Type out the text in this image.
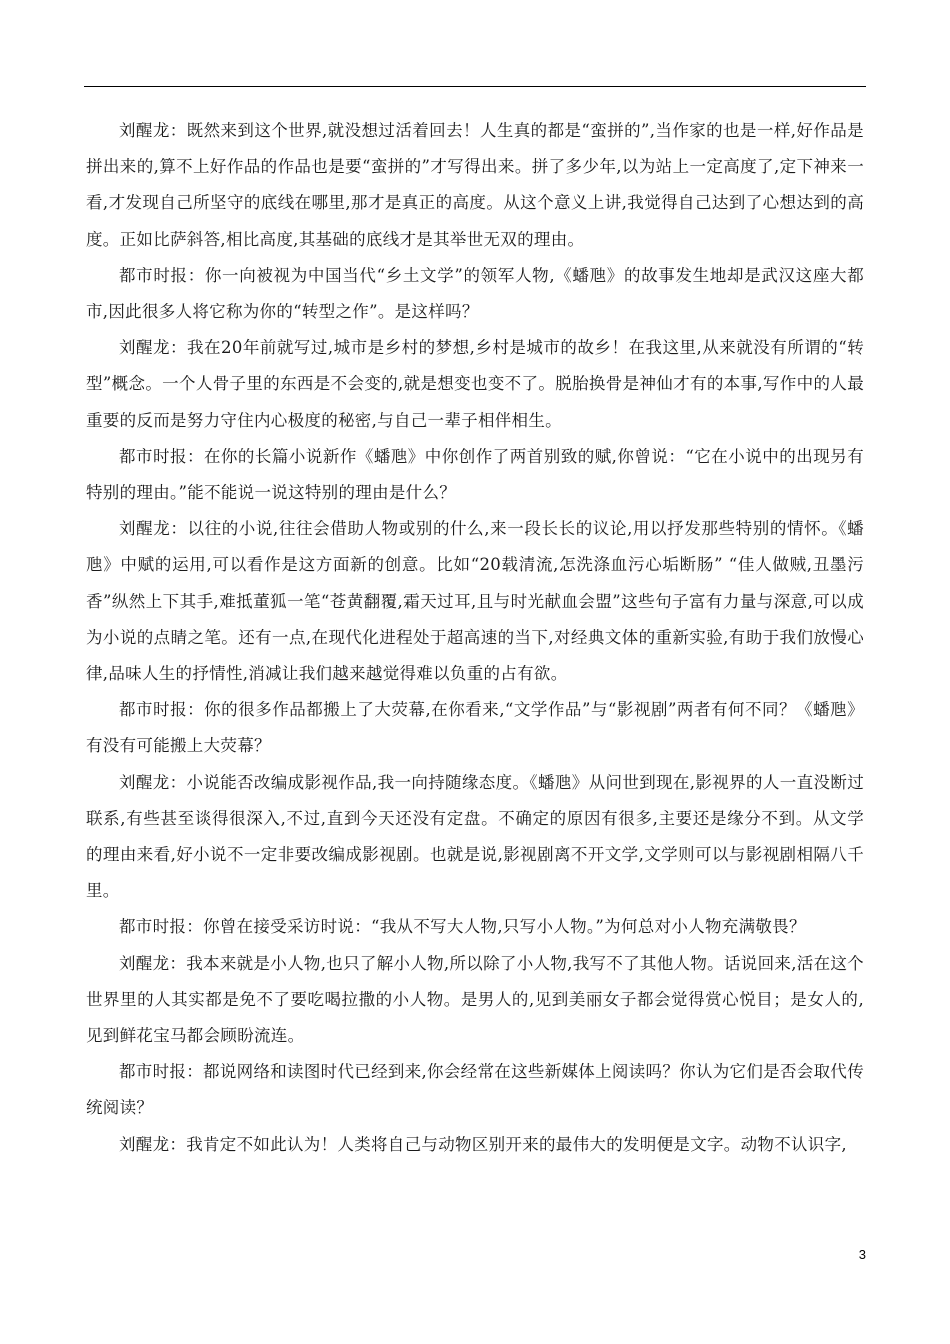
刘醒龙：既然来到这个世界,就没想过活着回去！人生真的都是“蛮拼的”,当作家的也是一样,好作品是拼出来的,算不上好作品的作品也是要“蛮拼的”才写得出来。拼了多少年,以为站上一定高度了,定下神来一看,才发现自己所坚守的底线在哪里,那才是真正的高度。从这个意义上讲,我觉得自己达到了心想达到的高度。正如比萨斜答,相比高度,其基础的底线才是其举世无双的理由。

都市时报：你一向被视为中国当代“乡土文学”的领军人物,《蟠虺》的故事发生地却是武汉这座大都市,因此很多人将它称为你的“转型之作”。是这样吗？

刘醒龙：我在20年前就写过,城市是乡村的梦想,乡村是城市的故乡！在我这里,从来就没有所谓的“转型”概念。一个人骨子里的东西是不会变的,就是想变也变不了。脱胎换骨是神仙才有的本事,写作中的人最重要的反而是努力守住内心极度的秘密,与自己一辈子相伴相生。

都市时报：在你的长篇小说新作《蟠虺》中你创作了两首别致的赋,你曾说：“它在小说中的出现另有特别的理由。”能不能说一说这特别的理由是什么？

刘醒龙：以往的小说,往往会借助人物或别的什么,来一段长长的议论,用以抒发那些特别的情怀。《蟠虺》中赋的运用,可以看作是这方面新的创意。比如“20载清流,怎洗涤血污心垢断肠” “佳人做贼,丑墨污香”纵然上下其手,难抵董狐一笔“苍黄翻覆,霜天过耳,且与时光献血会盟”这些句子富有力量与深意,可以成为小说的点睛之笔。还有一点,在现代化进程处于超高速的当下,对经典文体的重新实验,有助于我们放慢心律,品味人生的抒情性,消减让我们越来越觉得难以负重的占有欲。

都市时报：你的很多作品都搬上了大荧幕,在你看来,“文学作品”与“影视剧”两者有何不同？《蟠虺》有没有可能搬上大荧幕？

刘醒龙：小说能否改编成影视作品,我一向持随缘态度。《蟠虺》从问世到现在,影视界的人一直没断过联系,有些甚至谈得很深入,不过,直到今天还没有定盘。不确定的原因有很多,主要还是缘分不到。从文学的理由来看,好小说不一定非要改编成影视剧。也就是说,影视剧离不开文学,文学则可以与影视剧相隔八千里。

都市时报：你曾在接受采访时说：“我从不写大人物,只写小人物。”为何总对小人物充满敬畏？

刘醒龙：我本来就是小人物,也只了解小人物,所以除了小人物,我写不了其他人物。话说回来,活在这个世界里的人其实都是免不了要吃喝拉撒的小人物。是男人的,见到美丽女子都会觉得赏心悦目；是女人的,见到鲜花宝马都会顾盼流连。

都市时报：都说网络和读图时代已经到来,你会经常在这些新媒体上阅读吗？你认为它们是否会取代传统阅读？

刘醒龙：我肯定不如此认为！人类将自己与动物区别开来的最伟大的发明便是文字。动物不认识字,

3
